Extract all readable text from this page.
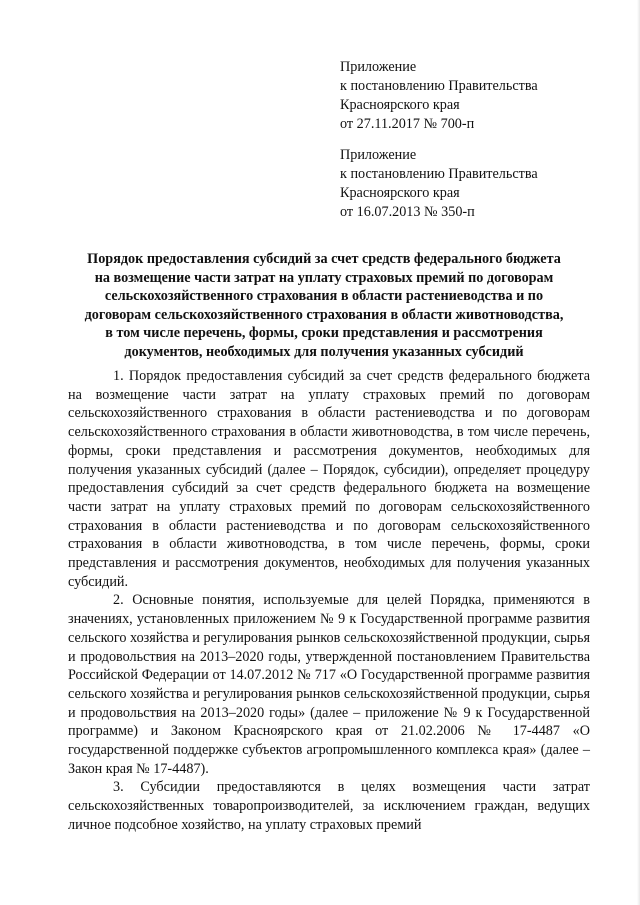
Приложение
к постановлению Правительства
Красноярского края
от 27.11.2017 № 700-п
Приложение
к постановлению Правительства
Красноярского края
от 16.07.2013 № 350-п
Порядок предоставления субсидий за счет средств федерального бюджета
на возмещение части затрат на уплату страховых премий по договорам
сельскохозяйственного страхования в области растениеводства и по
договорам сельскохозяйственного страхования в области животноводства,
в том числе перечень, формы, сроки представления и рассмотрения
документов, необходимых для получения указанных субсидий

1. Порядок предоставления субсидий за счет средств федерального бюджета на возмещение части затрат на уплату страховых премий по договорам сельскохозяйственного страхования в области растениеводства и по договорам сельскохозяйственного страхования в области животноводства, в том числе перечень, формы, сроки представления и рассмотрения документов, необходимых для получения указанных субсидий (далее – Порядок, субсидии), определяет процедуру предоставления субсидий за счет средств федерального бюджета на возмещение части затрат на уплату страховых премий по договорам сельскохозяйственного страхования в области растениеводства и по договорам сельскохозяйственного страхования в области животноводства, в том числе перечень, формы, сроки представления и рассмотрения документов, необходимых для получения указанных субсидий.

2. Основные понятия, используемые для целей Порядка, применяются в значениях, установленных приложением № 9 к Государственной программе развития сельского хозяйства и регулирования рынков сельскохозяйственной продукции, сырья и продовольствия на 2013–2020 годы, утвержденной постановлением Правительства Российской Федерации от 14.07.2012 № 717 «О Государственной программе развития сельского хозяйства и регулирования рынков сельскохозяйственной продукции, сырья и продовольствия на 2013–2020 годы» (далее – приложение № 9 к Государственной программе) и Законом Красноярского края от 21.02.2006 № 17-4487 «О государственной поддержке субъектов агропромышленного комплекса края» (далее – Закон края № 17-4487).

3. Субсидии предоставляются в целях возмещения части затрат сельскохозяйственных товаропроизводителей, за исключением граждан, ведущих личное подсобное хозяйство, на уплату страховых премий
